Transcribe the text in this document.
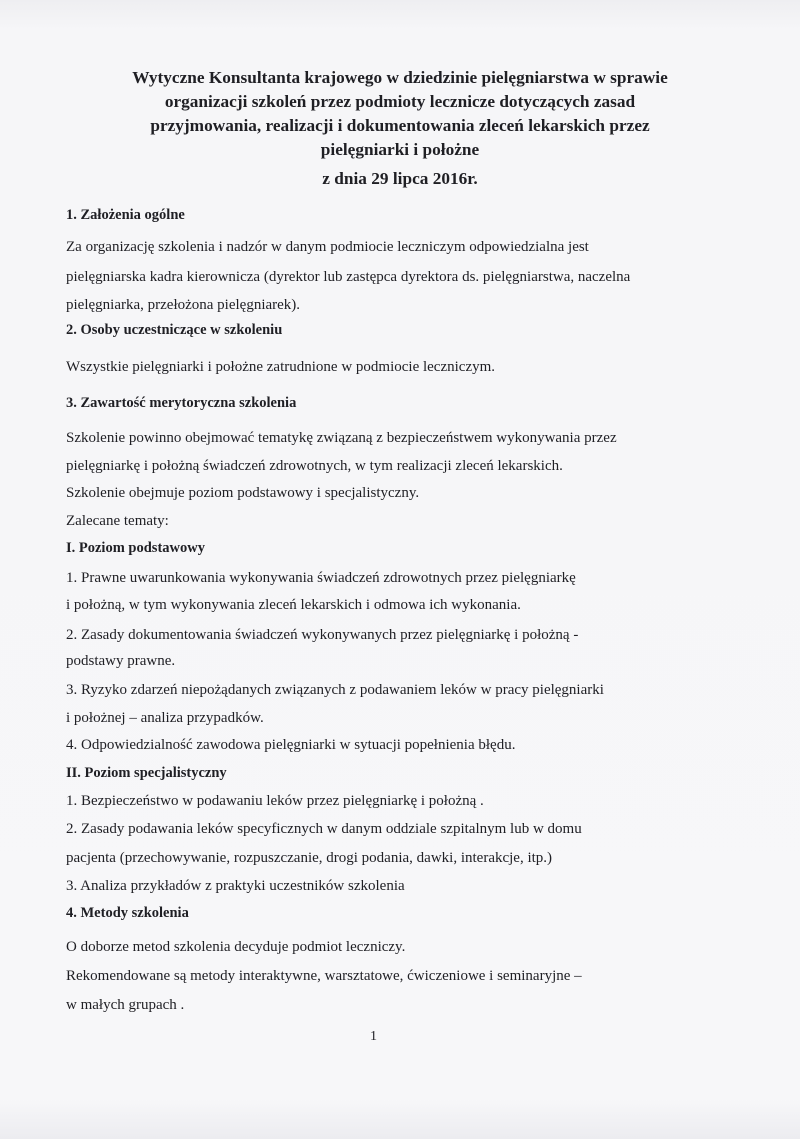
Wytyczne Konsultanta krajowego w dziedzinie pielęgniarstwa w sprawie
organizacji szkoleń przez podmioty lecznicze dotyczących zasad
przyjmowania, realizacji i dokumentowania zleceń lekarskich przez
pielęgniarki i położne
z dnia 29 lipca 2016r.
1. Założenia ogólne
Za organizację szkolenia i nadzór w danym podmiocie leczniczym odpowiedzialna jest
pielęgniarska kadra kierownicza (dyrektor lub zastępca dyrektora ds. pielęgniarstwa, naczelna
pielęgniarka, przełożona pielęgniarek).
2. Osoby uczestniczące w szkoleniu
Wszystkie pielęgniarki i położne zatrudnione w podmiocie leczniczym.
3. Zawartość merytoryczna szkolenia
Szkolenie powinno obejmować tematykę związaną z bezpieczeństwem wykonywania przez
pielęgniarkę i położną świadczeń zdrowotnych, w tym realizacji zleceń lekarskich.
Szkolenie obejmuje poziom podstawowy i specjalistyczny.
Zalecane tematy:
I. Poziom podstawowy
1. Prawne uwarunkowania wykonywania świadczeń zdrowotnych przez pielęgniarkę
i położną, w tym wykonywania zleceń lekarskich i odmowa ich wykonania.
2. Zasady dokumentowania świadczeń wykonywanych przez pielęgniarkę i położną -
podstawy prawne.
3. Ryzyko zdarzeń niepożądanych związanych z podawaniem leków w pracy pielęgniarki
i położnej – analiza przypadków.
4. Odpowiedzialność zawodowa pielęgniarki w sytuacji popełnienia błędu.
II. Poziom specjalistyczny
1. Bezpieczeństwo w podawaniu leków przez pielęgniarkę i położną .
2. Zasady podawania leków specyficznych w danym oddziale szpitalnym lub w domu
pacjenta (przechowywanie, rozpuszczanie, drogi podania, dawki, interakcje, itp.)
3. Analiza przykładów z praktyki uczestników szkolenia
4. Metody szkolenia
O doborze metod szkolenia decyduje podmiot leczniczy.
Rekomendowane są metody interaktywne, warsztatowe, ćwiczeniowe i seminaryjne –
w małych grupach .
1
